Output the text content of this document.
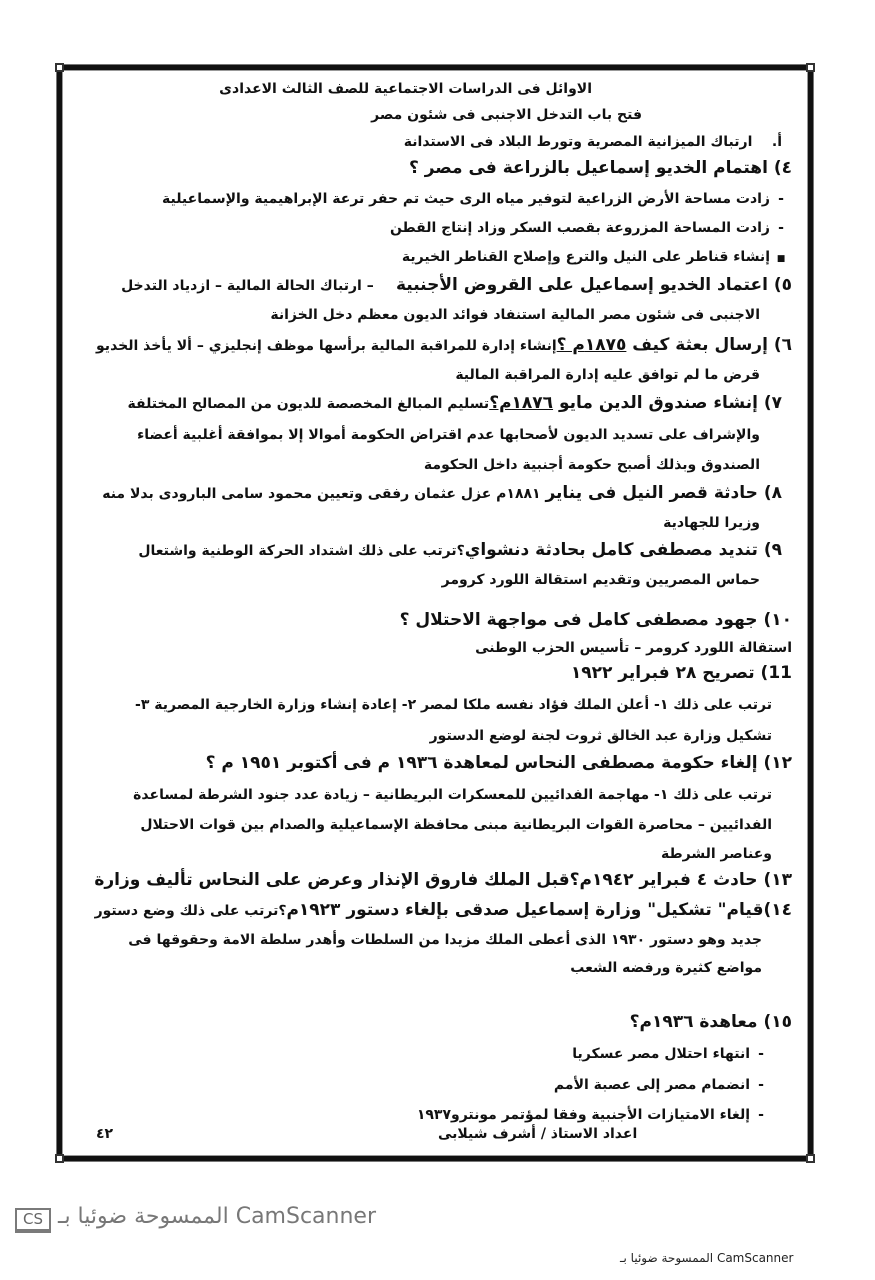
الاوائل فى الدراسات الاجتماعية للصف الثالث الاعدادى
فتح باب التدخل الاجنبى فى شئون مصر
أ.    ارتباك الميزانية المصرية وتورط البلاد فى الاستدانة
٤) اهتمام الخديو إسماعيل بالزراعة فى مصر ؟
-زادت مساحة الأرض الزراعية لتوفير مياه الرى حيث تم حفر ترعة الإبراهيمية والإسماعيلية
-زادت المساحة المزروعة بقصب السكر وزاد إنتاج القطن
■إنشاء قناطر على النيل والترع وإصلاح القناطر الخيرية
٥) اعتماد الخديو إسماعيل على القروض الأجنبية     – ارتباك الحالة المالية – ازدياد التدخل
الاجنبى فى شئون مصر المالية استنفاد فوائد الديون معظم دخل الخزانة
٦) إرسال بعثة كيف ١٨٧٥م ؟إنشاء إدارة للمراقبة المالية برأسها موظف إنجليزي – ألا يأخذ الخديو
قرض ما لم توافق عليه إدارة المراقبة المالية
٧) إنشاء صندوق الدين مايو ١٨٧٦م؟تسليم المبالغ المخصصة للديون من المصالح المختلفة
والإشراف على تسديد الديون لأصحابها عدم اقتراض الحكومة أموالا إلا بموافقة أغلبية أعضاء
الصندوق وبذلك أصبح حكومة أجنبية داخل الحكومة
٨) حادثة قصر النيل فى يناير ١٨٨١م عزل عثمان رفقى وتعيين محمود سامى البارودى بدلا منه
وزيرا للجهادية
٩) تنديد مصطفى كامل بحادثة دنشواي؟ترتب على ذلك اشتداد الحركة الوطنية واشتعال
حماس المصريين وتقديم استقالة اللورد كرومر
١٠) جهود مصطفى كامل فى مواجهة الاحتلال ؟
استقالة اللورد كرومر – تأسيس الحزب الوطنى
11) تصريح ٢٨ فبراير ١٩٢٢
ترتب على ذلك ١- أعلن الملك فؤاد نفسه ملكا لمصر ٢- إعادة إنشاء وزارة الخارجية المصرية ٣-
تشكيل وزارة عبد الخالق ثروت لجنة لوضع الدستور
١٢) إلغاء حكومة مصطفى النحاس لمعاهدة ١٩٣٦ م فى أكتوبر ١٩٥١ م ؟
ترتب على ذلك ١- مهاجمة الفدائيين للمعسكرات البريطانية – زيادة عدد جنود الشرطة لمساعدة
الفدائيين – محاصرة القوات البريطانية مبنى محافظة الإسماعيلية والصدام بين قوات الاحتلال
وعناصر الشرطة
١٣) حادث ٤ فبراير ١٩٤٢م؟قبل الملك فاروق الإنذار وعرض على النحاس تأليف وزارة
١٤)قيام" تشكيل" وزارة إسماعيل صدقى بإلغاء دستور ١٩٢٣م؟ترتب على ذلك وضع دستور
جديد وهو دستور ١٩٣٠ الذى أعطى الملك مزيدا من السلطات وأهدر سلطة الامة وحقوقها فى
مواضع كثيرة ورفضه الشعب
١٥) معاهدة ١٩٣٦م؟
-انتهاء احتلال مصر عسكريا
-انضمام مصر إلى عصبة الأمم
-إلغاء الامتيازات الأجنبية وفقا لمؤتمر مونترو١٩٣٧
اعداد الاستاذ / أشرف شيلابى
٤٢
CS الممسوحة ضوئيا بـ CamScanner
الممسوحة ضوئيا بـ CamScanner
